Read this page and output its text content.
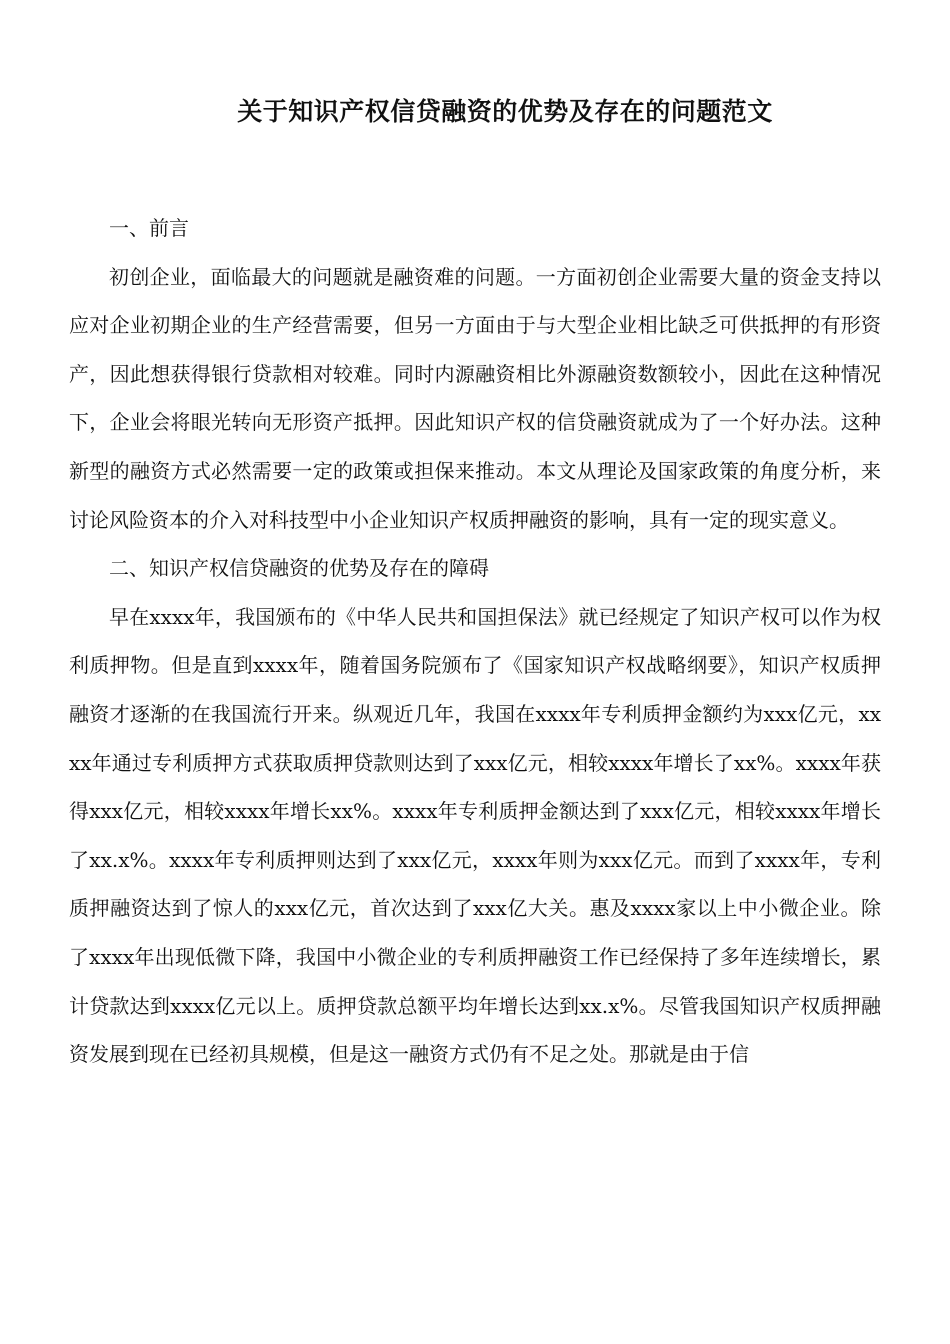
关于知识产权信贷融资的优势及存在的问题范文

一、前言

初创企业，面临最大的问题就是融资难的问题。一方面初创企业需要大量的资金支持以应对企业初期企业的生产经营需要，但另一方面由于与大型企业相比缺乏可供抵押的有形资产，因此想获得银行贷款相对较难。同时内源融资相比外源融资数额较小，因此在这种情况下，企业会将眼光转向无形资产抵押。因此知识产权的信贷融资就成为了一个好办法。这种新型的融资方式必然需要一定的政策或担保来推动。本文从理论及国家政策的角度分析，来讨论风险资本的介入对科技型中小企业知识产权质押融资的影响，具有一定的现实意义。

二、知识产权信贷融资的优势及存在的障碍

早在xxxx年，我国颁布的《中华人民共和国担保法》就已经规定了知识产权可以作为权利质押物。但是直到xxxx年，随着国务院颁布了《国家知识产权战略纲要》，知识产权质押融资才逐渐的在我国流行开来。纵观近几年，我国在xxxx年专利质押金额约为xxx亿元，xxxx年通过专利质押方式获取质押贷款则达到了xxx亿元，相较xxxx年增长了xx%。xxxx年获得xxx亿元，相较xxxx年增长xx%。xxxx年专利质押金额达到了xxx亿元，相较xxxx年增长了xx.x%。xxxx年专利质押则达到了xxx亿元，xxxx年则为xxx亿元。而到了xxxx年，专利质押融资达到了惊人的xxx亿元，首次达到了xxx亿大关。惠及xxxx家以上中小微企业。除了xxxx年出现低微下降，我国中小微企业的专利质押融资工作已经保持了多年连续增长，累计贷款达到xxxx亿元以上。质押贷款总额平均年增长达到xx.x%。尽管我国知识产权质押融资发展到现在已经初具规模，但是这一融资方式仍有不足之处。那就是由于信
